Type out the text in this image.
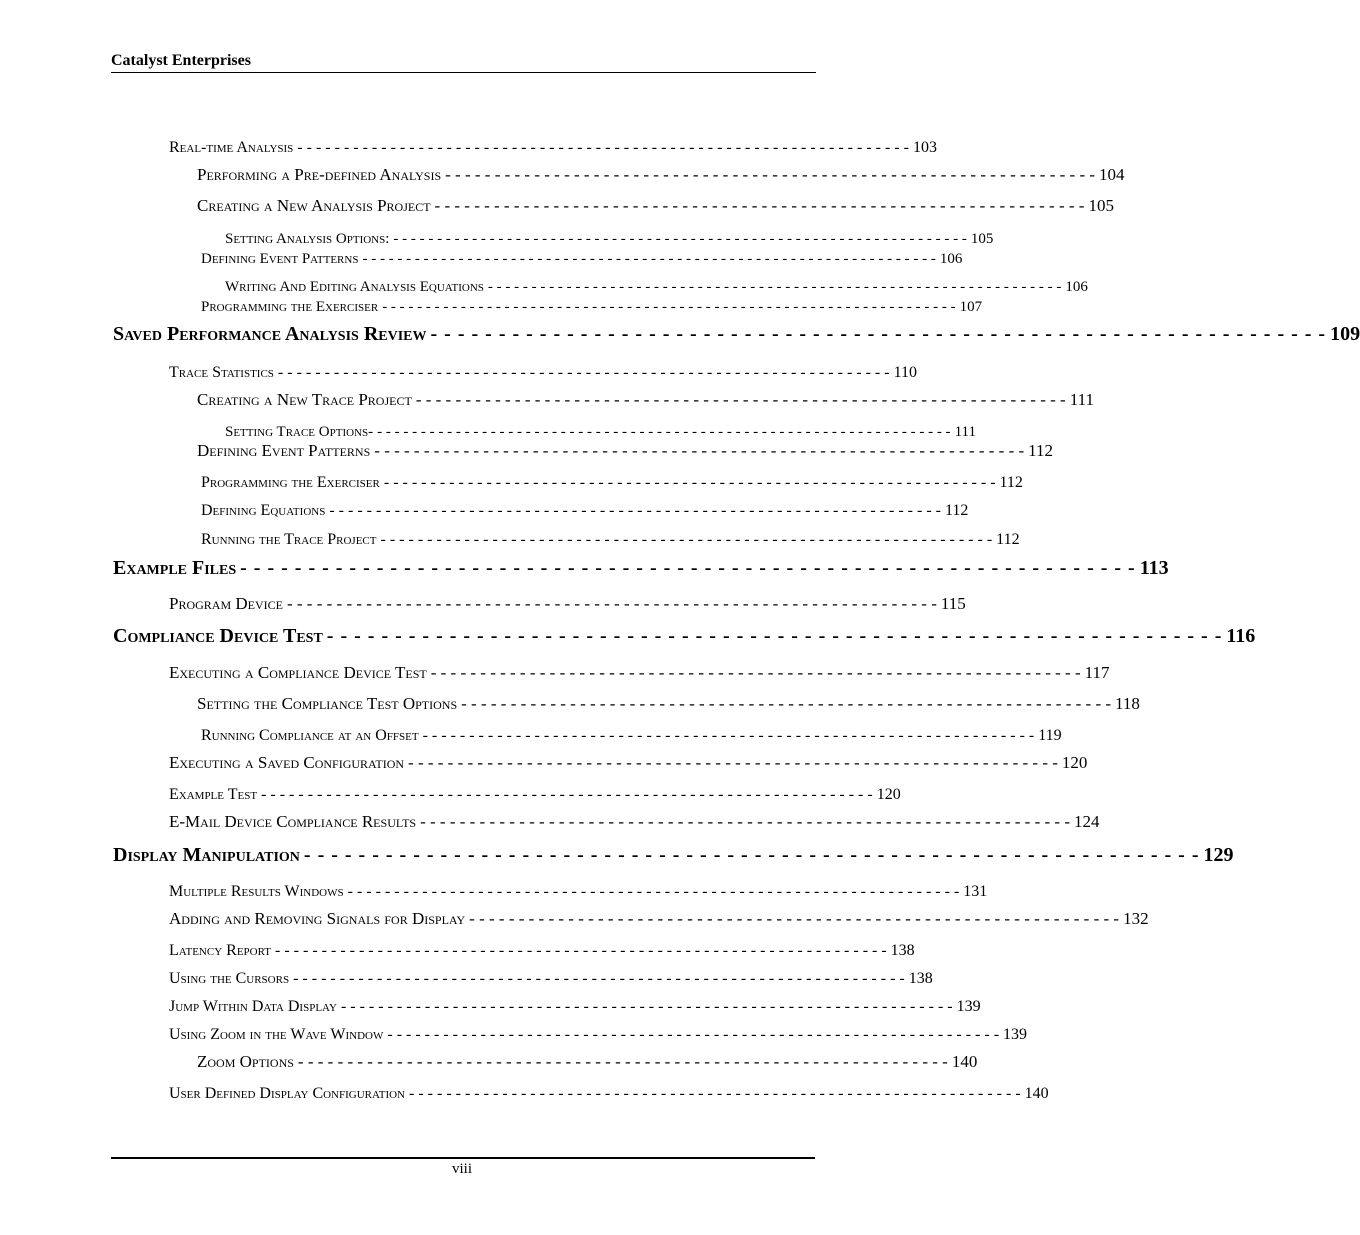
Catalyst Enterprises
Real-time Analysis - - - - - - - - - - - - - - - - - - - - - - - - - - - - - - - - - - - - - - - - - - - - - - - - - - - - - - - - - - - - - - - - - - 103
Performing a Pre-defined Analysis - - - - - - - - - - - - - - - - - - - - - - - - - - - - - - - - - - - - - - - - - - - - - - - - - - - - - - - - - - - - - - - - - - 104
Creating a New Analysis Project - - - - - - - - - - - - - - - - - - - - - - - - - - - - - - - - - - - - - - - - - - - - - - - - - - - - - - - - - - - - - - - - - - 105
Setting Analysis Options: - - - - - - - - - - - - - - - - - - - - - - - - - - - - - - - - - - - - - - - - - - - - - - - - - - - - - - - - - - - - - - - - - - 105
Defining Event Patterns - - - - - - - - - - - - - - - - - - - - - - - - - - - - - - - - - - - - - - - - - - - - - - - - - - - - - - - - - - - - - - - - - - 106
Writing And Editing Analysis Equations - - - - - - - - - - - - - - - - - - - - - - - - - - - - - - - - - - - - - - - - - - - - - - - - - - - - - - - - - - - - - - - - - - 106
Programming the Exerciser - - - - - - - - - - - - - - - - - - - - - - - - - - - - - - - - - - - - - - - - - - - - - - - - - - - - - - - - - - - - - - - - - - 107
Saved Performance Analysis Review - - - - - - - - - - - - - - - - - - - - - - - - - - - - - - - - - - - - - - - - - - - - - - - - - - - - - - - - - - - - - - - - - - 109
Trace Statistics - - - - - - - - - - - - - - - - - - - - - - - - - - - - - - - - - - - - - - - - - - - - - - - - - - - - - - - - - - - - - - - - - - 110
Creating a New Trace Project - - - - - - - - - - - - - - - - - - - - - - - - - - - - - - - - - - - - - - - - - - - - - - - - - - - - - - - - - - - - - - - - - - 111
Setting Trace Options- - - - - - - - - - - - - - - - - - - - - - - - - - - - - - - - - - - - - - - - - - - - - - - - - - - - - - - - - - - - - - - - - - - 111
Defining Event Patterns - - - - - - - - - - - - - - - - - - - - - - - - - - - - - - - - - - - - - - - - - - - - - - - - - - - - - - - - - - - - - - - - - - 112
Programming the Exerciser - - - - - - - - - - - - - - - - - - - - - - - - - - - - - - - - - - - - - - - - - - - - - - - - - - - - - - - - - - - - - - - - - - 112
Defining Equations - - - - - - - - - - - - - - - - - - - - - - - - - - - - - - - - - - - - - - - - - - - - - - - - - - - - - - - - - - - - - - - - - - 112
Running the Trace Project - - - - - - - - - - - - - - - - - - - - - - - - - - - - - - - - - - - - - - - - - - - - - - - - - - - - - - - - - - - - - - - - - - 112
Example Files - - - - - - - - - - - - - - - - - - - - - - - - - - - - - - - - - - - - - - - - - - - - - - - - - - - - - - - - - - - - - - - - - - 113
Program Device - - - - - - - - - - - - - - - - - - - - - - - - - - - - - - - - - - - - - - - - - - - - - - - - - - - - - - - - - - - - - - - - - - 115
Compliance Device Test - - - - - - - - - - - - - - - - - - - - - - - - - - - - - - - - - - - - - - - - - - - - - - - - - - - - - - - - - - - - - - - - - - 116
Executing a Compliance Device Test - - - - - - - - - - - - - - - - - - - - - - - - - - - - - - - - - - - - - - - - - - - - - - - - - - - - - - - - - - - - - - - - - - 117
Setting the Compliance Test Options - - - - - - - - - - - - - - - - - - - - - - - - - - - - - - - - - - - - - - - - - - - - - - - - - - - - - - - - - - - - - - - - - - 118
Running Compliance at an Offset - - - - - - - - - - - - - - - - - - - - - - - - - - - - - - - - - - - - - - - - - - - - - - - - - - - - - - - - - - - - - - - - - - 119
Executing a Saved Configuration - - - - - - - - - - - - - - - - - - - - - - - - - - - - - - - - - - - - - - - - - - - - - - - - - - - - - - - - - - - - - - - - - - 120
Example Test - - - - - - - - - - - - - - - - - - - - - - - - - - - - - - - - - - - - - - - - - - - - - - - - - - - - - - - - - - - - - - - - - - 120
E-Mail Device Compliance Results - - - - - - - - - - - - - - - - - - - - - - - - - - - - - - - - - - - - - - - - - - - - - - - - - - - - - - - - - - - - - - - - - - 124
Display Manipulation - - - - - - - - - - - - - - - - - - - - - - - - - - - - - - - - - - - - - - - - - - - - - - - - - - - - - - - - - - - - - - - - - - 129
Multiple Results Windows - - - - - - - - - - - - - - - - - - - - - - - - - - - - - - - - - - - - - - - - - - - - - - - - - - - - - - - - - - - - - - - - - - 131
Adding and Removing Signals for Display - - - - - - - - - - - - - - - - - - - - - - - - - - - - - - - - - - - - - - - - - - - - - - - - - - - - - - - - - - - - - - - - - - 132
Latency Report - - - - - - - - - - - - - - - - - - - - - - - - - - - - - - - - - - - - - - - - - - - - - - - - - - - - - - - - - - - - - - - - - - 138
Using the Cursors - - - - - - - - - - - - - - - - - - - - - - - - - - - - - - - - - - - - - - - - - - - - - - - - - - - - - - - - - - - - - - - - - - 138
Jump Within Data Display - - - - - - - - - - - - - - - - - - - - - - - - - - - - - - - - - - - - - - - - - - - - - - - - - - - - - - - - - - - - - - - - - - 139
Using Zoom in the Wave Window - - - - - - - - - - - - - - - - - - - - - - - - - - - - - - - - - - - - - - - - - - - - - - - - - - - - - - - - - - - - - - - - - - 139
Zoom Options - - - - - - - - - - - - - - - - - - - - - - - - - - - - - - - - - - - - - - - - - - - - - - - - - - - - - - - - - - - - - - - - - - 140
User Defined Display Configuration - - - - - - - - - - - - - - - - - - - - - - - - - - - - - - - - - - - - - - - - - - - - - - - - - - - - - - - - - - - - - - - - - - 140
viii
